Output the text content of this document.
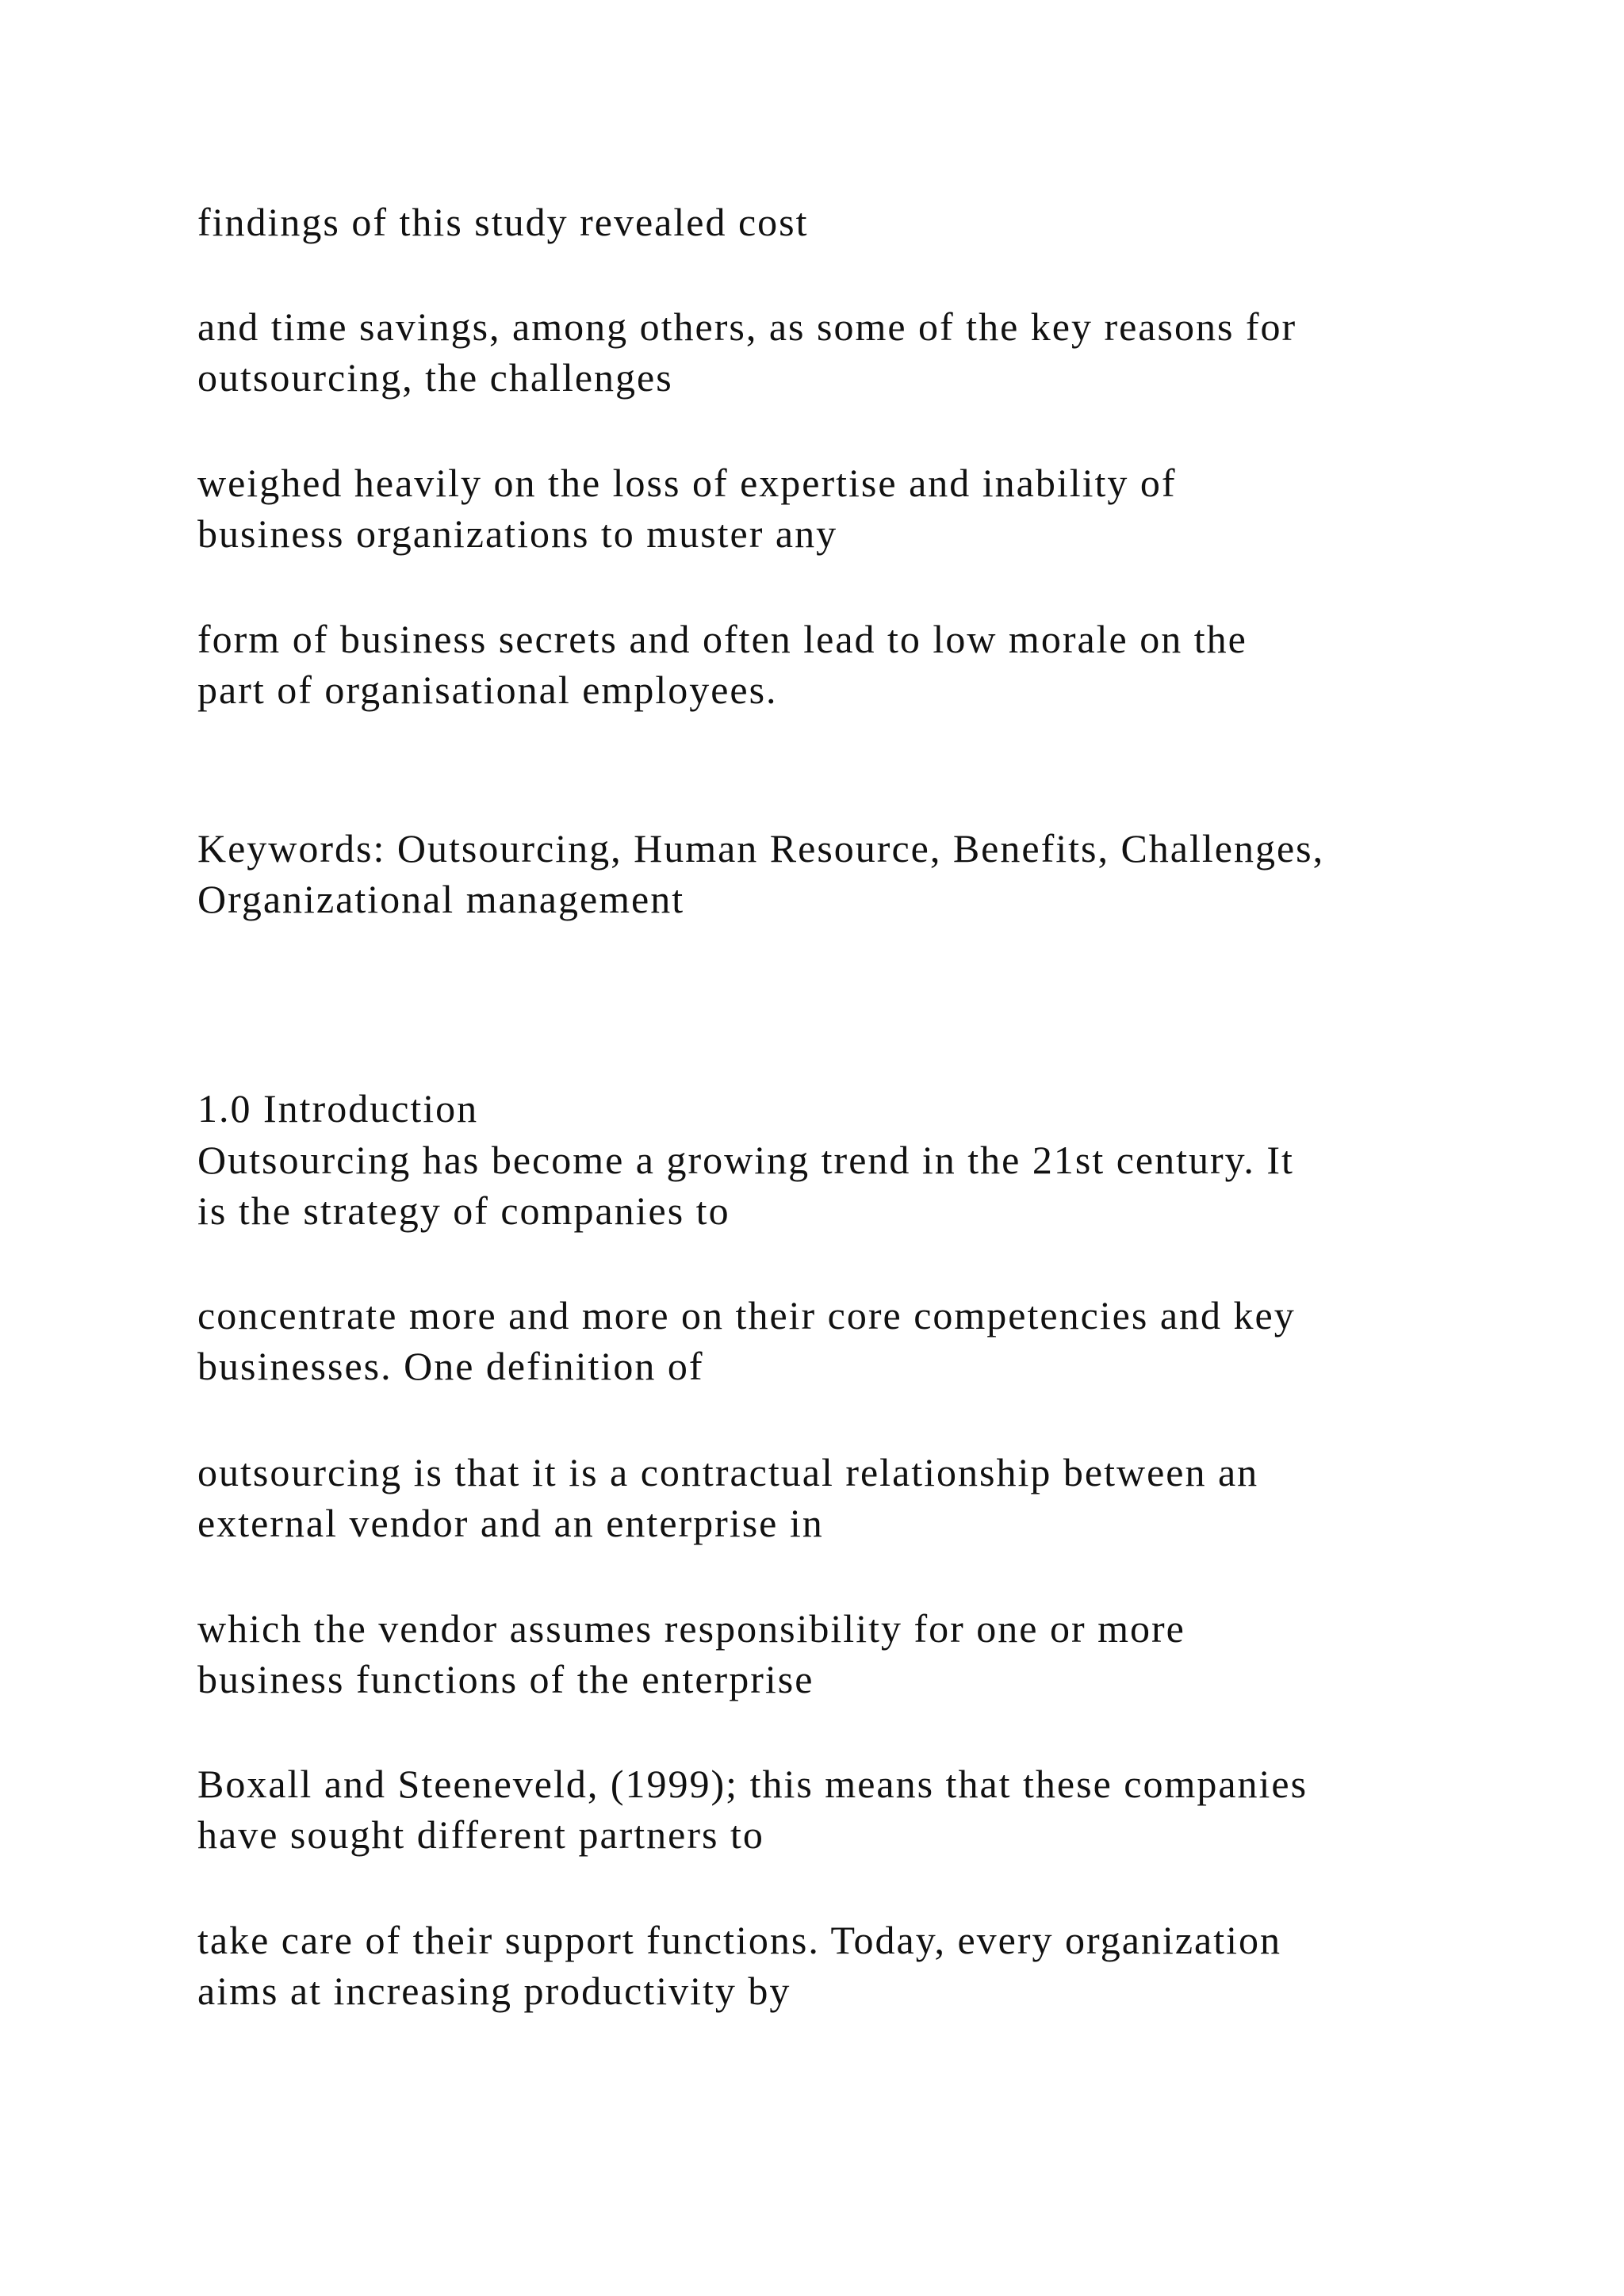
findings of this study revealed cost

and time savings, among others, as some of the key reasons for

outsourcing, the challenges

weighed heavily on the loss of expertise and inability of

business organizations to muster any

form of business secrets and often lead to low morale on the

part of organisational employees.

Keywords: Outsourcing, Human Resource, Benefits, Challenges,

Organizational management

1.0 Introduction

Outsourcing has become a growing trend in the 21st century. It

is the strategy of companies to

concentrate more and more on their core competencies and key

businesses. One definition of

outsourcing is that it is a contractual relationship between an

external vendor and an enterprise in

which the vendor assumes responsibility for one or more

business functions of the enterprise

Boxall and Steeneveld, (1999); this means that these companies

have sought different partners to

take care of their support functions. Today, every organization

aims at increasing productivity by
